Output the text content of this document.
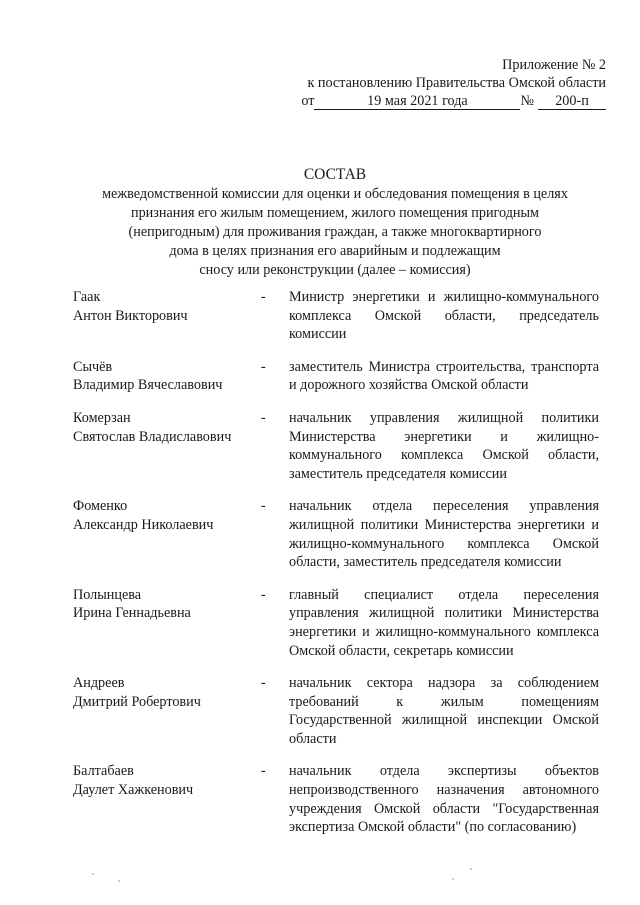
Приложение № 2
к постановлению Правительства Омской области
от	19 мая 2021 года	№	200-п
СОСТАВ
межведомственной комиссии для оценки и обследования помещения в целях
признания его жилым помещением, жилого помещения пригодным
(непригодным) для проживания граждан, а также многоквартирного
дома в целях признания его аварийным и подлежащим
сносу или реконструкции (далее – комиссия)
Гаак
Антон Викторович
-	Министр энергетики и жилищно-коммунального комплекса Омской области, председатель комиссии
Сычёв
Владимир Вячеславович
-	заместитель Министра строительства, транспорта и дорожного хозяйства Омской области
Комерзан
Святослав Владиславович
-	начальник управления жилищной политики Министерства энергетики и жилищно-коммунального комплекса Омской области, заместитель председателя комиссии
Фоменко
Александр Николаевич
-	начальник отдела переселения управления жилищной политики Министерства энергетики и жилищно-коммунального комплекса Омской области, заместитель председателя комиссии
Полынцева
Ирина Геннадьевна
-	главный специалист отдела переселения управления жилищной политики Министерства энергетики и жилищно-коммунального комплекса Омской области, секретарь комиссии
Андреев
Дмитрий Робертович
-	начальник сектора надзора за соблюдением требований к жилым помещениям Государственной жилищной инспекции Омской области
Балтабаев
Даулет Хажкенович
-	начальник отдела экспертизы объектов непроизводственного назначения автономного учреждения Омской области "Государственная экспертиза Омской области" (по согласованию)
